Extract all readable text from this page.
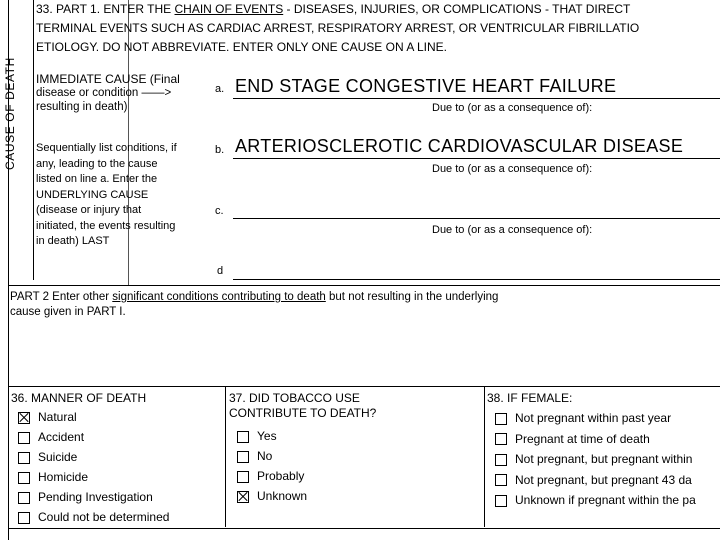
CAUSE OF DEATH
33. PART 1. ENTER THE CHAIN OF EVENTS - DISEASES, INJURIES, OR COMPLICATIONS - THAT DIRECT
TERMINAL EVENTS SUCH AS CARDIAC ARREST, RESPIRATORY ARREST, OR VENTRICULAR FIBRILLATIO
ETIOLOGY. DO NOT ABBREVIATE. ENTER ONLY ONE CAUSE ON A LINE.
IMMEDIATE CAUSE (Final
disease or condition ——>
resulting in death)
Sequentially list conditions, if
any, leading to the cause
listed on line a. Enter the
UNDERLYING CAUSE
(disease or injury that
initiated, the events resulting
in death) LAST
a. END STAGE CONGESTIVE HEART FAILURE
Due to (or as a consequence of):
b. ARTERIOSCLEROTIC CARDIOVASCULAR DISEASE
Due to (or as a consequence of):
c.
Due to (or as a consequence of):
d
PART 2 Enter other significant conditions contributing to death but not resulting in the underlying
cause given in PART I.
36. MANNER OF DEATH
Natural
Accident
Suicide
Homicide
Pending Investigation
Could not be determined
37. DID TOBACCO USE
CONTRIBUTE TO DEATH?
Yes
No
Probably
Unknown
38. IF FEMALE:
Not pregnant within past year
Pregnant at time of death
Not pregnant, but pregnant within
Not pregnant, but pregnant 43 da
Unknown if pregnant within the pa
